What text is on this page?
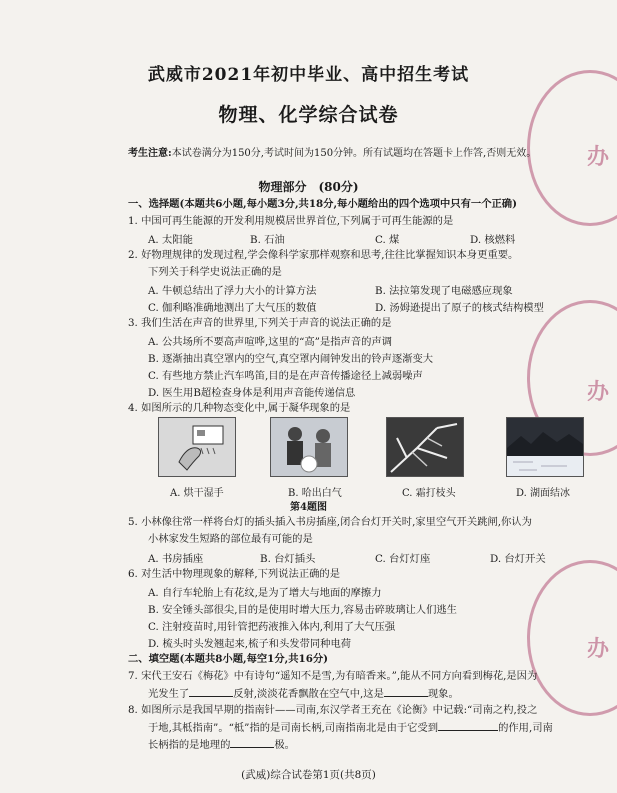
办
办
办
武威市2021年初中毕业、高中招生考试
物理、化学综合试卷
考生注意:本试卷满分为150分,考试时间为150分钟。所有试题均在答题卡上作答,否则无效。
物理部分　(80分)
一、选择题(本题共6小题,每小题3分,共18分,每小题给出的四个选项中只有一个正确)
1. 中国可再生能源的开发利用规模居世界首位,下列属于可再生能源的是
A. 太阳能	B. 石油	C. 煤	D. 核燃料
2. 好物理规律的发现过程,学会像科学家那样观察和思考,往往比掌握知识本身更重要。
下列关于科学史说法正确的是
A. 牛顿总结出了浮力大小的计算方法	B. 法拉第发现了电磁感应现象
C. 伽利略准确地测出了大气压的数值	D. 汤姆逊提出了原子的核式结构模型
3. 我们生活在声音的世界里,下列关于声音的说法正确的是
A. 公共场所不要高声喧哗,这里的“高”是指声音的声调
B. 逐渐抽出真空罩内的空气,真空罩内闹钟发出的铃声逐渐变大
C. 有些地方禁止汽车鸣笛,目的是在声音传播途径上减弱噪声
D. 医生用B超检查身体是利用声音能传递信息
4. 如图所示的几种物态变化中,属于凝华现象的是
A. 烘干湿手	B. 哈出白气	C. 霜打枝头	D. 湖面结冰
第4题图
5. 小林像往常一样将台灯的插头插入书房插座,闭合台灯开关时,家里空气开关跳闸,你认为
小林家发生短路的部位最有可能的是
A. 书房插座	B. 台灯插头	C. 台灯灯座	D. 台灯开关
6. 对生活中物理现象的解释,下列说法正确的是
A. 自行车轮胎上有花纹,是为了增大与地面的摩擦力
B. 安全锤头部很尖,目的是使用时增大压力,容易击碎玻璃让人们逃生
C. 注射疫苗时,用针管把药液推入体内,利用了大气压强
D. 梳头时头发翘起来,梳子和头发带同种电荷
二、填空题(本题共8小题,每空1分,共16分)
7. 宋代王安石《梅花》中有诗句“遥知不是雪,为有暗香来。”,能从不同方向看到梅花,是因为
光发生了	反射,淡淡花香飘散在空气中,这是	现象。
8. 如图所示是我国早期的指南针——司南,东汉学者王充在《论衡》中记载:“司南之杓,投之
于地,其柢指南”。“柢”指的是司南长柄,司南指南北是由于它受到	的作用,司南
长柄指的是地理的	极。
(武威)综合试卷第1页(共8页)
